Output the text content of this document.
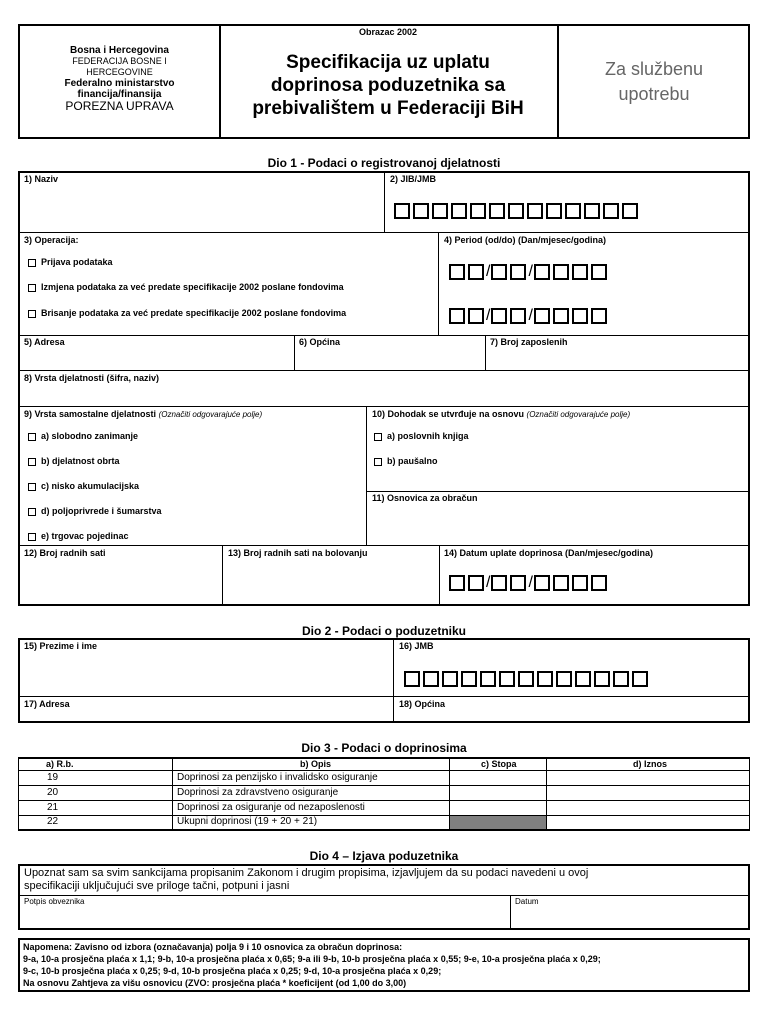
Obrazac 2002
Bosna i Hercegovina
FEDERACIJA BOSNE I
HERCEGOVINE
Federalno ministarstvo
financija/finansija
POREZNA UPRAVA
Specifikacija uz uplatu
doprinosa poduzetnika sa
prebivalištem u Federaciji BiH
Za službenu
upotrebu
Dio 1 - Podaci o registrovanoj djelatnosti
1) Naziv	2) JIB/JMB
3) Operacija:
Prijava podataka
Izmjena podataka za već predate specifikacije 2002 poslane fondovima
Brisanje podataka za već predate specifikacije 2002 poslane fondovima
4) Period (od/do) (Dan/mjesec/godina)
/ /
/ /
5) Adresa	6) Općina	7) Broj zaposlenih
8) Vrsta djelatnosti (šifra, naziv)
9) Vrsta samostalne djelatnosti (Označiti odgovarajuće polje)
a) slobodno zanimanje
b) djelatnost obrta
c) nisko akumulacijska
d) poljoprivrede i šumarstva
e) trgovac pojedinac
10) Dohodak se utvrđuje na osnovu (Označiti odgovarajuće polje)
a) poslovnih knjiga
b) paušalno
11) Osnovica za obračun
12) Broj radnih sati	13) Broj radnih sati na bolovanju	14) Datum uplate doprinosa (Dan/mjesec/godina)
/ /
Dio 2 - Podaci o poduzetniku
15) Prezime i ime	16) JMB
17) Adresa	18) Općina
Dio 3 - Podaci o doprinosima
a) R.b.	b) Opis	c) Stopa	d) Iznos
19	Doprinosi za penzijsko i invalidsko osiguranje
20	Doprinosi za zdravstveno osiguranje
21	Doprinosi za osiguranje od nezaposlenosti
22	Ukupni doprinosi (19 + 20 + 21)
Dio 4 – Izjava poduzetnika
Upoznat sam sa svim sankcijama propisanim Zakonom i drugim propisima, izjavljujem da su podaci navedeni u ovoj
specifikaciji uključujući sve priloge tačni, potpuni i jasni
Potpis obveznika	Datum
Napomena: Zavisno od izbora (označavanja) polja 9 i 10 osnovica za obračun doprinosa:
9-a, 10-a prosječna plaća x 1,1; 9-b, 10-a prosječna plaća x 0,65; 9-a ili 9-b, 10-b prosječna plaća x 0,55; 9-e, 10-a prosječna plaća x 0,29;
9-c, 10-b prosječna plaća x 0,25; 9-d, 10-b prosječna plaća x 0,25; 9-d, 10-a prosječna plaća x 0,29;
Na osnovu Zahtjeva za višu osnovicu (ZVO: prosječna plaća * koeficijent (od 1,00 do 3,00)
